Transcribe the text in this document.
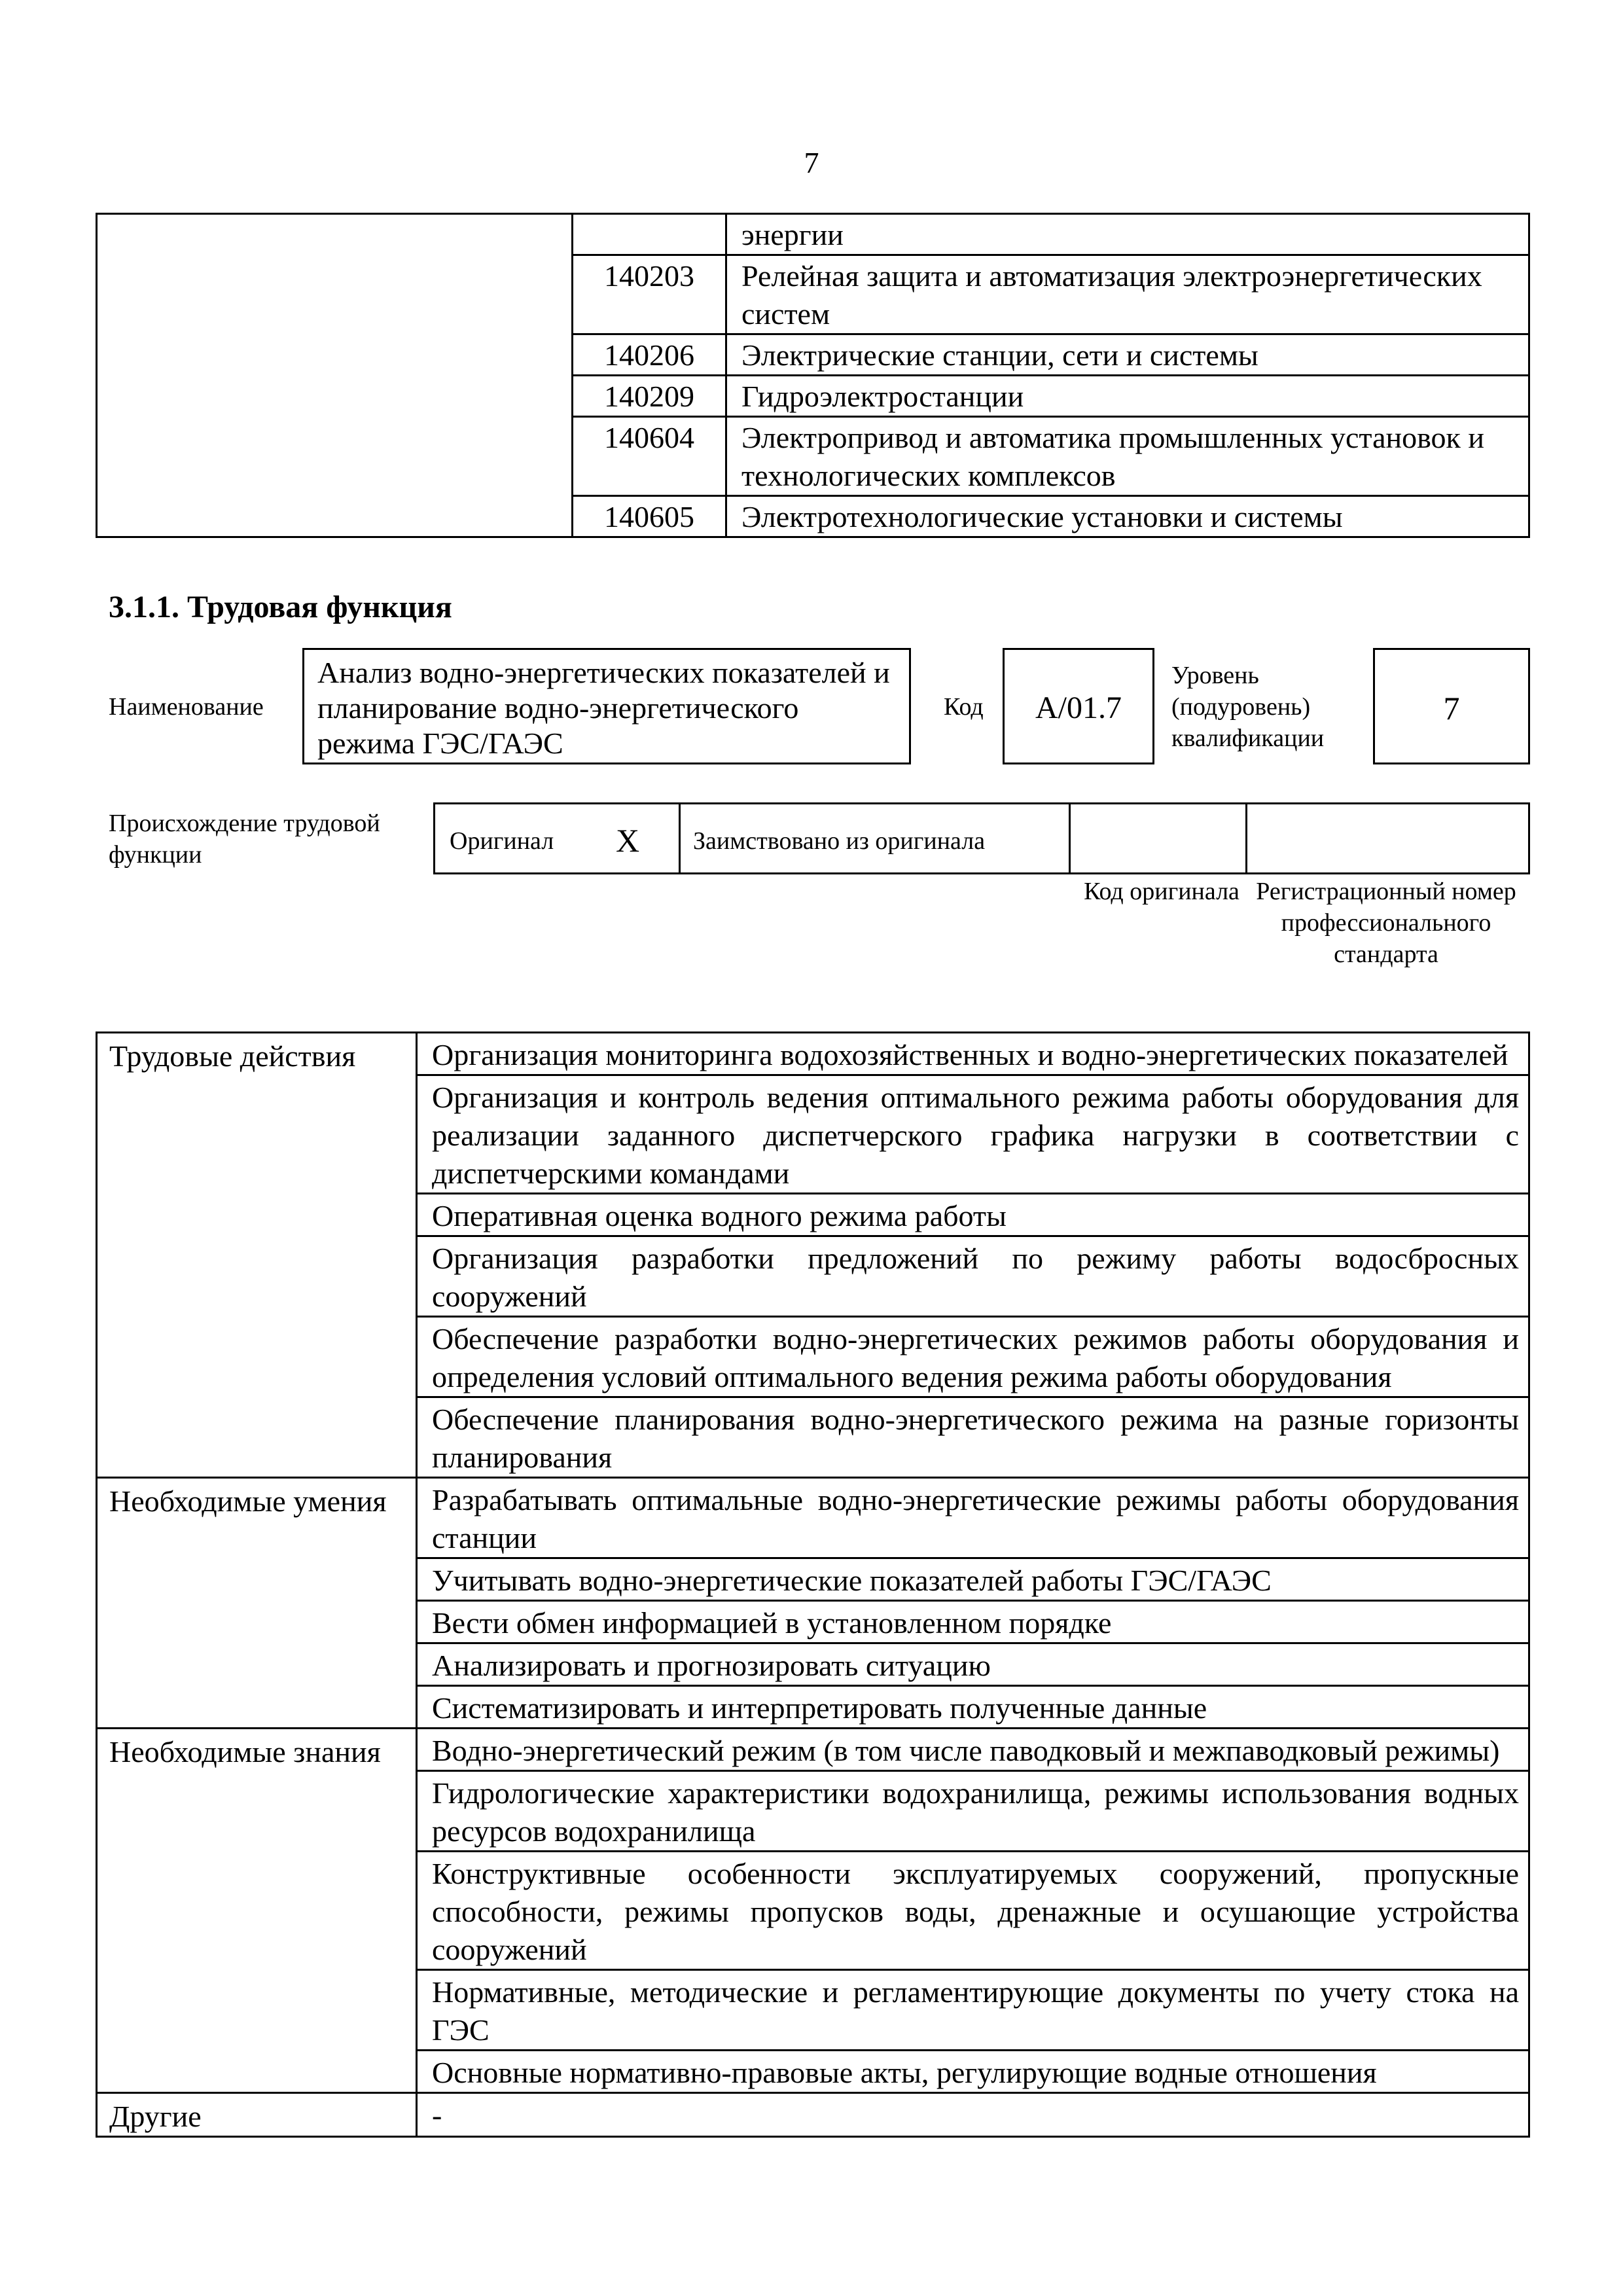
7
		энергии
	140203	Релейная защита и автоматизация электроэнергетических систем
	140206	Электрические станции, сети и системы
	140209	Гидроэлектростанции
	140604	Электропривод и автоматика промышленных установок и технологических комплексов
	140605	Электротехнологические установки и системы
3.1.1. Трудовая функция
Наименование
Анализ водно-энергетических показателей и планирование водно-энергетического режима ГЭС/ГАЭС
Код	А/01.7
Уровень (подуровень) квалификации
7
Происхождение трудовой функции	Оригинал X Заимствовано из оригинала
Код оригинала Регистрационный номер профессионального стандарта
Трудовые действия	Организация мониторинга водохозяйственных и водно-энергетических показателей
	Организация и контроль ведения оптимального режима работы оборудования для реализации заданного диспетчерского графика нагрузки в соответствии с диспетчерскими командами
	Оперативная оценка водного режима работы
	Организация разработки предложений по режиму работы водосбросных сооружений
	Обеспечение разработки водно-энергетических режимов работы оборудования и определения условий оптимального ведения режима работы оборудования
	Обеспечение планирования водно-энергетического режима на разные горизонты планирования
Необходимые умения	Разрабатывать оптимальные водно-энергетические режимы работы оборудования станции
	Учитывать водно-энергетические показателей работы ГЭС/ГАЭС
	Вести обмен информацией в установленном порядке
	Анализировать и прогнозировать ситуацию
	Систематизировать и интерпретировать полученные данные
Необходимые знания	Водно-энергетический режим (в том числе паводковый и межпаводковый режимы)
	Гидрологические характеристики водохранилища, режимы использования водных ресурсов водохранилища
	Конструктивные особенности эксплуатируемых сооружений, пропускные способности, режимы пропусков воды, дренажные и осушающие устройства сооружений
	Нормативные, методические и регламентирующие документы по учету стока на ГЭС
	Основные нормативно-правовые акты, регулирующие водные отношения
Другие	-
